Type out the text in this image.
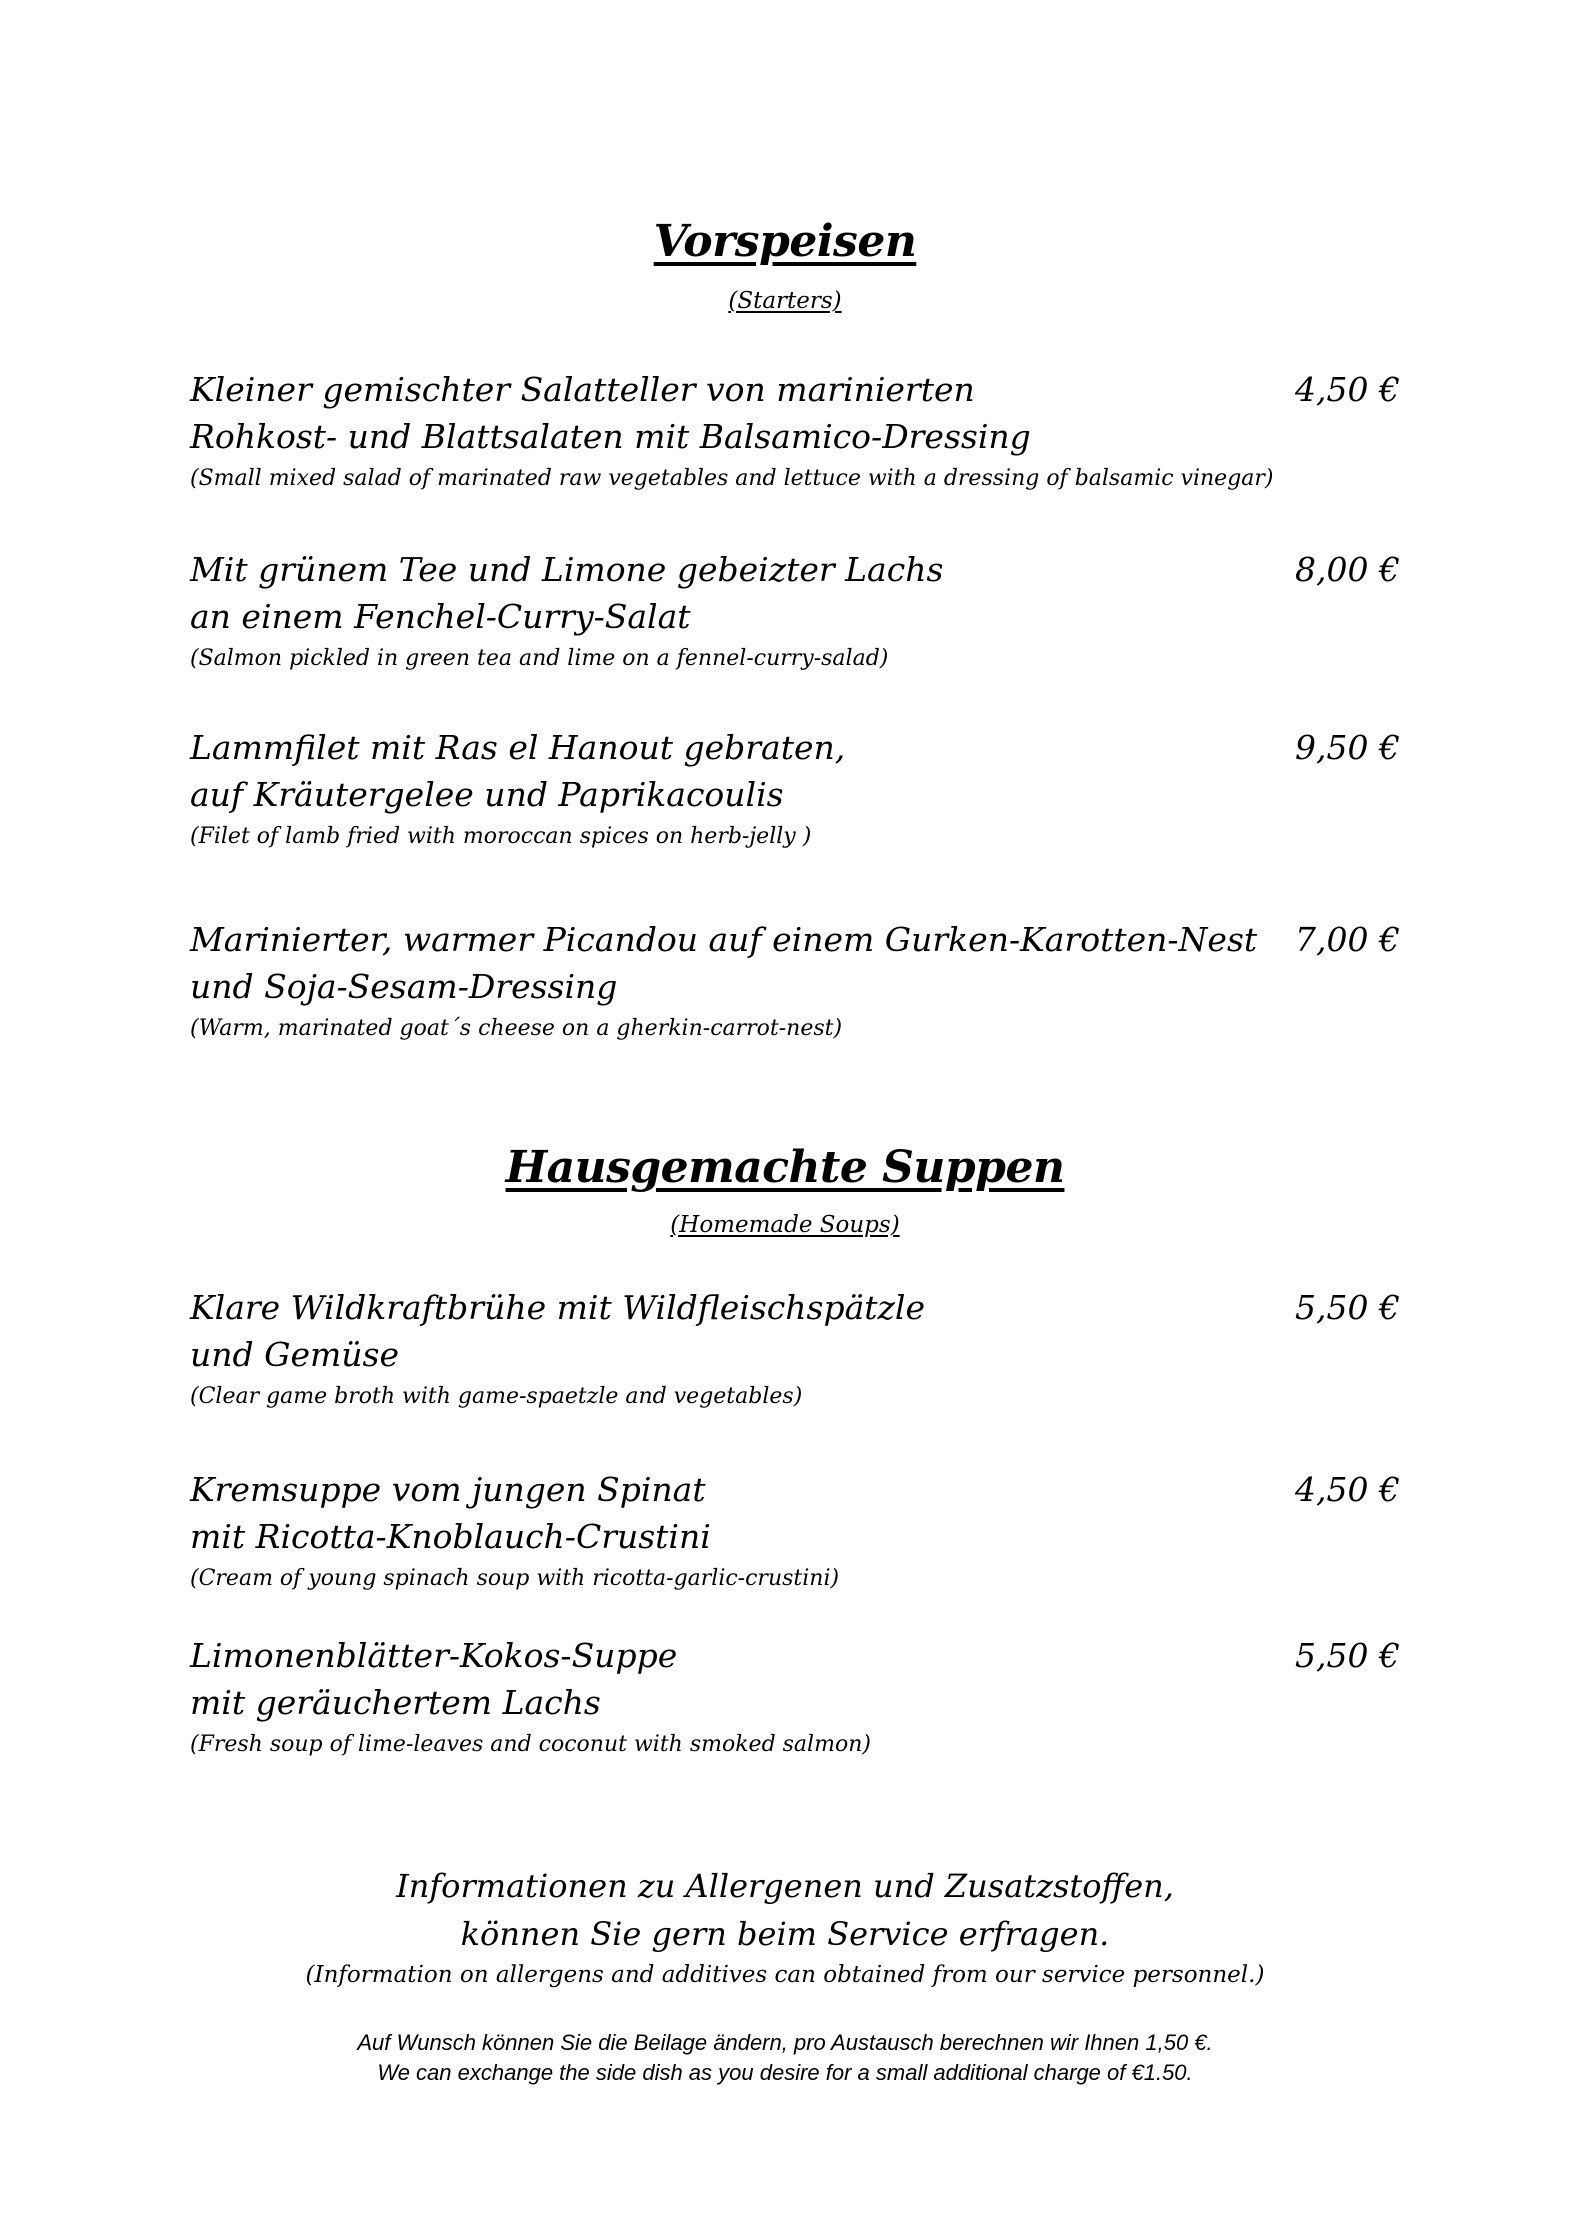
Vorspeisen
(Starters)
Kleiner gemischter Salatteller von marinierten
Rohkost- und Blattsalaten mit Balsamico-Dressing
(Small mixed salad of marinated raw vegetables and lettuce with a dressing of balsamic vinegar)
4,50 €
Mit grünem Tee und Limone gebeizter Lachs
an einem Fenchel-Curry-Salat
(Salmon pickled in green tea and lime on a fennel-curry-salad)
8,00 €
Lammfilet mit Ras el Hanout gebraten,
auf Kräutergelee und Paprikacoulis
(Filet of lamb fried with moroccan spices on herb-jelly )
9,50 €
Marinierter, warmer Picandou auf einem Gurken-Karotten-Nest
und Soja-Sesam-Dressing
(Warm, marinated goat´s cheese on a gherkin-carrot-nest)
7,00 €
Hausgemachte Suppen
(Homemade Soups)
Klare Wildkraftbrühe mit Wildfleischspätzle
und Gemüse
(Clear game broth with game-spaetzle and vegetables)
5,50 €
Kremsuppe vom jungen Spinat
mit Ricotta-Knoblauch-Crustini
(Cream of young spinach soup with ricotta-garlic-crustini)
4,50 €
Limonenblätter-Kokos-Suppe
mit geräuchertem Lachs
(Fresh soup of lime-leaves and coconut with smoked salmon)
5,50 €
Informationen zu Allergenen und Zusatzstoffen,
können Sie gern beim Service erfragen.
(Information on allergens and additives can obtained from our service personnel.)
Auf Wunsch können Sie die Beilage ändern, pro Austausch berechnen wir Ihnen 1,50 €.
We can exchange the side dish as you desire for a small additional charge of €1.50.
